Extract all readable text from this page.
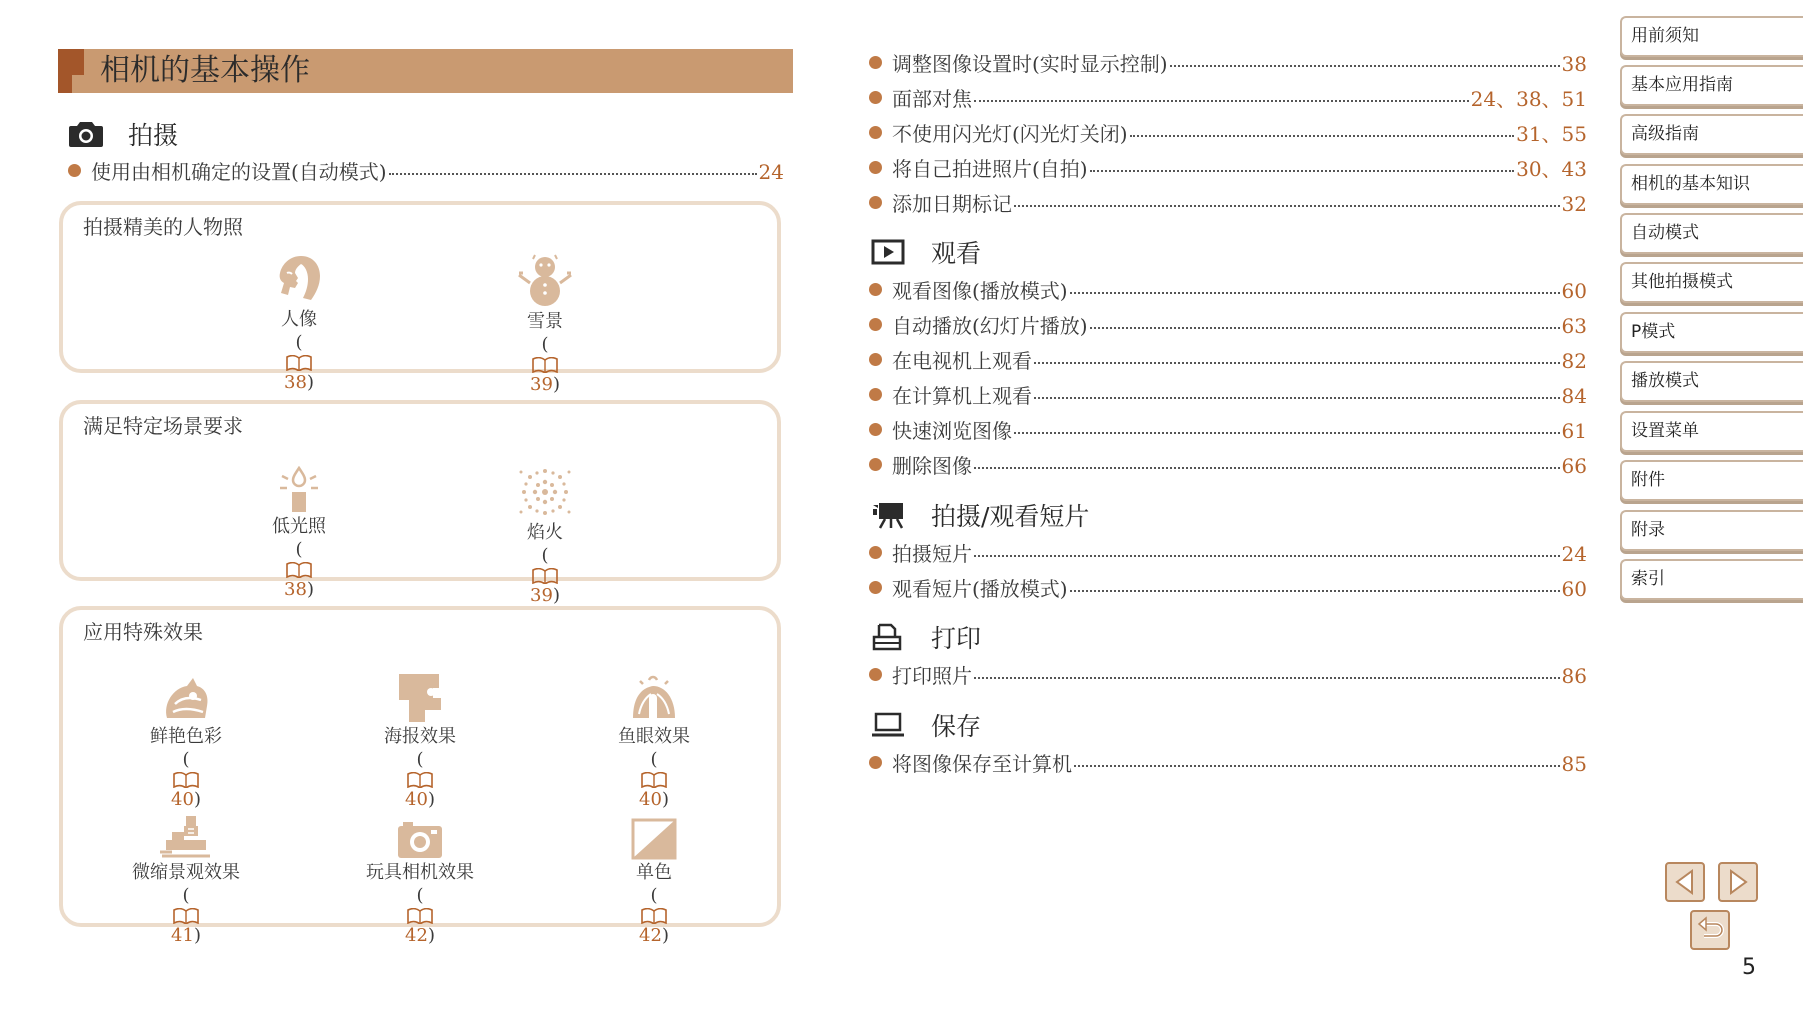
相机的基本操作
拍摄
使用由相机确定的设置(自动模式)	24
拍摄精美的人物照
人像
(
38)
雪景
(
39)
满足特定场景要求
低光照
(
38)
焰火
(
39)
应用特殊效果
鲜艳色彩
(
40)
海报效果
(
40)
鱼眼效果
(
40)
微缩景观效果
(
41)
玩具相机效果
(
42)
单色
(
42)
调整图像设置时(实时显示控制)	38
面部对焦	24、38、51
不使用闪光灯(闪光灯关闭)	31、55
将自己拍进照片(自拍)	30、43
添加日期标记	32
观看
观看图像(播放模式)	60
自动播放(幻灯片播放)	63
在电视机上观看	82
在计算机上观看	84
快速浏览图像	61
删除图像	66
拍摄/观看短片
拍摄短片	24
观看短片(播放模式)	60
打印
打印照片	86
保存
将图像保存至计算机	85
用前须知
基本应用指南
高级指南
相机的基本知识
自动模式
其他拍摄模式
P模式
播放模式
设置菜单
附件
附录
索引
5
